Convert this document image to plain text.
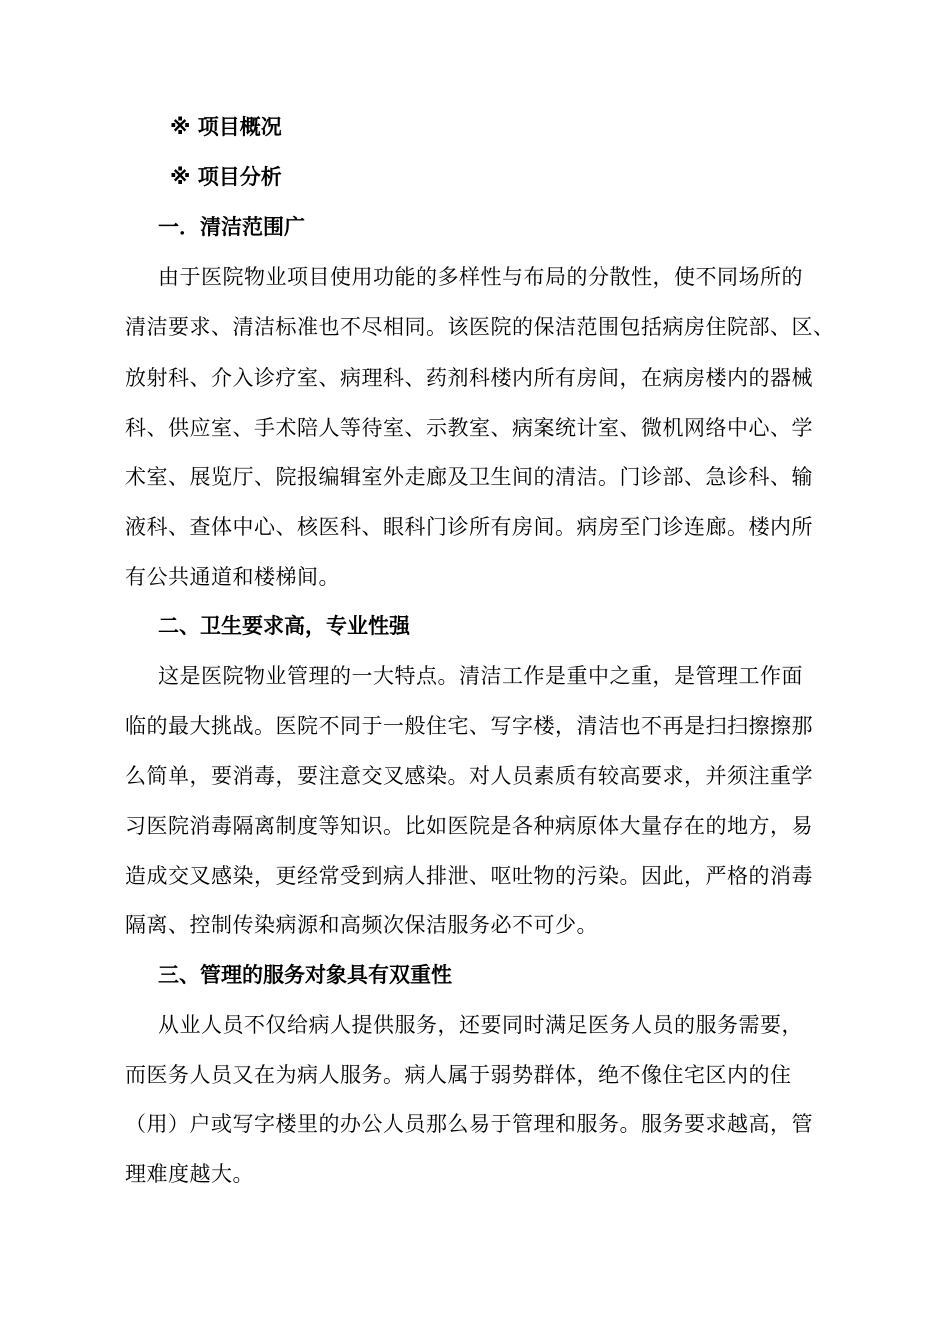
※ 项目概况
※ 项目分析
一．清洁范围广
由于医院物业项目使用功能的多样性与布局的分散性，使不同场所的
清洁要求、清洁标准也不尽相同。该医院的保洁范围包括病房住院部、区、
放射科、介入诊疗室、病理科、药剂科楼内所有房间，在病房楼内的器械
科、供应室、手术陪人等待室、示教室、病案统计室、微机网络中心、学
术室、展览厅、院报编辑室外走廊及卫生间的清洁。门诊部、急诊科、输
液科、查体中心、核医科、眼科门诊所有房间。病房至门诊连廊。楼内所
有公共通道和楼梯间。
二、卫生要求高，专业性强
这是医院物业管理的一大特点。清洁工作是重中之重，是管理工作面
临的最大挑战。医院不同于一般住宅、写字楼，清洁也不再是扫扫擦擦那
么简单，要消毒，要注意交叉感染。对人员素质有较高要求，并须注重学
习医院消毒隔离制度等知识。比如医院是各种病原体大量存在的地方，易
造成交叉感染，更经常受到病人排泄、呕吐物的污染。因此，严格的消毒
隔离、控制传染病源和高频次保洁服务必不可少。
三、管理的服务对象具有双重性
从业人员不仅给病人提供服务，还要同时满足医务人员的服务需要，
而医务人员又在为病人服务。病人属于弱势群体，绝不像住宅区内的住
（用）户或写字楼里的办公人员那么易于管理和服务。服务要求越高，管
理难度越大。
